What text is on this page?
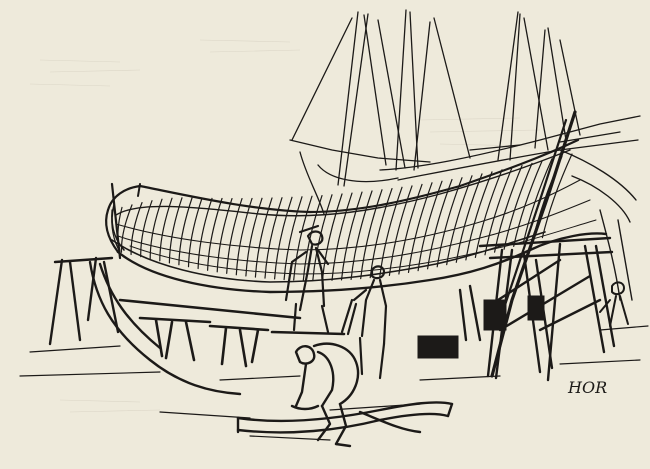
HOR
